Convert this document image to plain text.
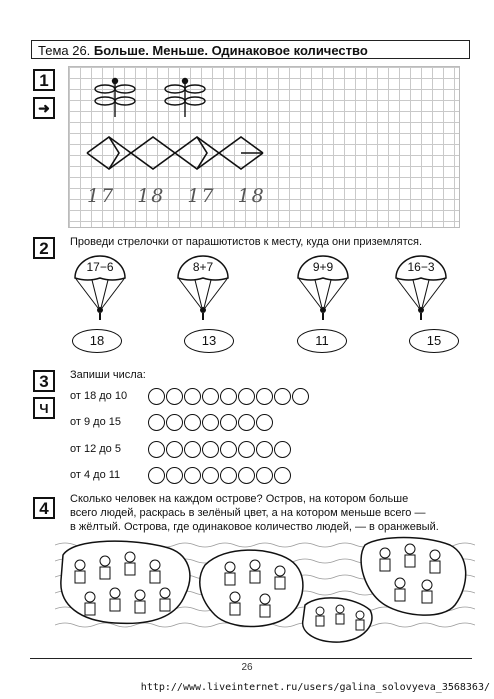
Тема 26. Больше. Меньше. Одинаковое количество
1
➜
17 18 17 18
2	Проведи стрелочки от парашютистов к месту, куда они приземлятся.
17−6	8+7	9+9	16−3
18	13	11	15
3
Ч
Запиши числа:
от 18 до 10
от 9 до 15
от 12 до 5
от 4 до 11
4	Сколько человек на каждом острове? Остров, на котором больше
всего людей, раскрась в зелёный цвет, а на котором меньше всего —
в жёлтый. Острова, где одинаковое количество людей, — в оранжевый.
26
http://www.liveinternet.ru/users/galina_solovyeva_3568363/
